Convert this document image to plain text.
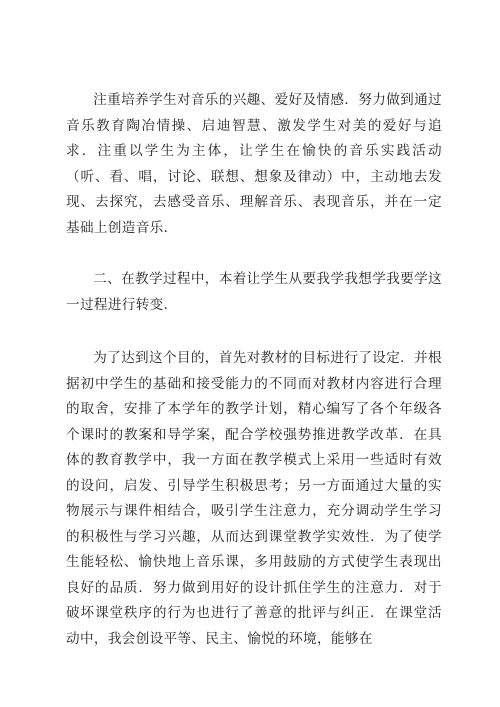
注重培养学生对音乐的兴趣、爱好及情感．努力做到通过音乐教育陶冶情操、启迪智慧、激发学生对美的爱好与追求．注重以学生为主体，让学生在愉快的音乐实践活动（听、看、唱，讨论、联想、想象及律动）中，主动地去发现、去探究，去感受音乐、理解音乐、表现音乐，并在一定基础上创造音乐．

二、在教学过程中，本着让学生从要我学我想学我要学这一过程进行转变．

为了达到这个目的，首先对教材的目标进行了设定．并根据初中学生的基础和接受能力的不同而对教材内容进行合理的取舍，安排了本学年的教学计划，精心编写了各个年级各个课时的教案和导学案，配合学校强势推进教学改革．在具体的教育教学中，我一方面在教学模式上采用一些适时有效的设问，启发、引导学生积极思考；另一方面通过大量的实物展示与课件相结合，吸引学生注意力，充分调动学生学习的积极性与学习兴趣，从而达到课堂教学实效性．为了使学生能轻松、愉快地上音乐课，多用鼓励的方式使学生表现出良好的品质．努力做到用好的设计抓住学生的注意力．对于破坏课堂秩序的行为也进行了善意的批评与纠正．在课堂活动中，我会创设平等、民主、愉悦的环境，能够在
